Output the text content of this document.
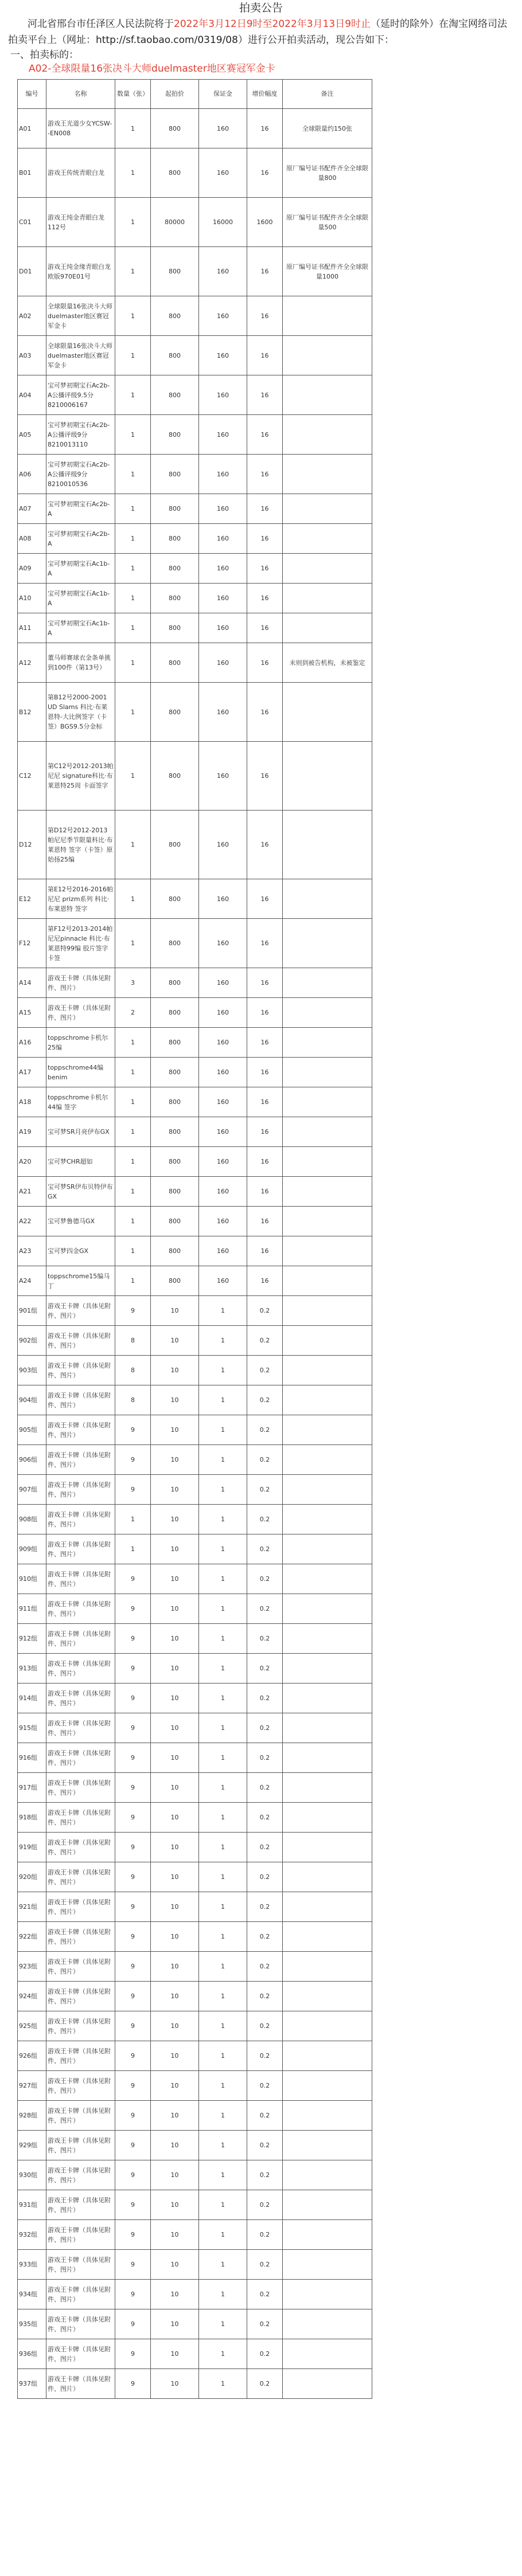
拍卖公告
河北省邢台市任泽区人民法院将于2022年3月12日9时至2022年3月13日9时止（延时的除外）在淘宝网络司法拍卖平台上（网址：http://sf.taobao.com/0319/08）进行公开拍卖活动，现公告如下：
一、拍卖标的：
A02-全球限量16张决斗大师duelmaster地区赛冠军金卡
编号	名称	数量（张）	起拍价	保证金	增价幅度	备注
A01	游戏王光道少女YCSW--EN008	1	800	160	16	全球限量约150张
B01	游戏王传统青眼白龙	1	800	160	16	原厂编号证书配件齐全全球限量800
C01	游戏王纯金青眼白龙112号	1	80000	16000	1600	原厂编号证书配件齐全全球限量500
D01	游戏王纯金缘青眼白龙欧版970E01号	1	800	160	16	原厂编号证书配件齐全全球限量1000
A02	全球限量16张决斗大师duelmaster地区赛冠军金卡	1	800	160	16	
A03	全球限量16张决斗大师duelmaster地区赛冠军金卡	1	800	160	16	
A04	宝可梦初期宝石Ac2b-A公播评级9.5分8210006167	1	800	160	16	
A05	宝可梦初期宝石Ac2b-A公播评级9分8210013110	1	800	160	16	
A06	宝可梦初期宝石Ac2b-A公播评级9分8210010536	1	800	160	16	
A07	宝可梦初期宝石Ac2b-A	1	800	160	16	
A08	宝可梦初期宝石Ac2b-A	1	800	160	16	
A09	宝可梦初期宝石Ac1b-A	1	800	160	16	
A10	宝可梦初期宝石Ac1b-A	1	800	160	16	
A11	宝可梦初期宝石Ac1b-A	1	800	160	16	
A12	董马师赛球衣金条单挑到100件（第13号）	1	800	160	16	未则到被告机构，未被鉴定
B12	第B12号2000-2001 UD Slams 科比·布莱恩特-大比例签字（卡签）BGS9.5分金标	1	800	160	16	
C12	第C12号2012-2013帕尼尼 signature科比·布莱恩特25周 卡面签字	1	800	160	16	
D12	第D12号2012-2013帕尼尼季节限量科比·布莱恩特 签字（卡签）原始扬25编	1	800	160	16	
E12	第E12号2016-2016帕尼尼 prizm系列 科比·布莱恩特 签字	1	800	160	16	
F12	第F12号2013-2014帕尼尼pinnacle 科比·布莱恩特99编 胶片签字 卡签	1	800	160	16	
A14	游戏王卡牌（具体见附件、图片）	3	800	160	16	
A15	游戏王卡牌（具体见附件、图片）	2	800	160	16	
A16	toppschrome卡机尔25编	1	800	160	16	
A17	toppschrome44编benim	1	800	160	16	
A18	toppschrome卡机尔44编 签字	1	800	160	16	
A19	宝可梦SR月亮伊布GX	1	800	160	16	
A20	宝可梦CHR超如	1	800	160	16	
A21	宝可梦SR伊布贝特伊布GX	1	800	160	16	
A22	宝可梦鲁德马GX	1	800	160	16	
A23	宝可梦四金GX	1	800	160	16	
A24	toppschrome15编马丁	1	800	160	16	
901组	游戏王卡牌（具体见附件、图片）	9	10	1	0.2	
902组	游戏王卡牌（具体见附件、图片）	8	10	1	0.2	
903组	游戏王卡牌（具体见附件、图片）	8	10	1	0.2	
904组	游戏王卡牌（具体见附件、图片）	8	10	1	0.2	
905组	游戏王卡牌（具体见附件、图片）	9	10	1	0.2	
906组	游戏王卡牌（具体见附件、图片）	9	10	1	0.2	
907组	游戏王卡牌（具体见附件、图片）	9	10	1	0.2	
908组	游戏王卡牌（具体见附件、图片）	1	10	1	0.2	
909组	游戏王卡牌（具体见附件、图片）	1	10	1	0.2	
910组	游戏王卡牌（具体见附件、图片）	9	10	1	0.2	
911组	游戏王卡牌（具体见附件、图片）	9	10	1	0.2	
912组	游戏王卡牌（具体见附件、图片）	9	10	1	0.2	
913组	游戏王卡牌（具体见附件、图片）	9	10	1	0.2	
914组	游戏王卡牌（具体见附件、图片）	9	10	1	0.2	
915组	游戏王卡牌（具体见附件、图片）	9	10	1	0.2	
916组	游戏王卡牌（具体见附件、图片）	9	10	1	0.2	
917组	游戏王卡牌（具体见附件、图片）	9	10	1	0.2	
918组	游戏王卡牌（具体见附件、图片）	9	10	1	0.2	
919组	游戏王卡牌（具体见附件、图片）	9	10	1	0.2	
920组	游戏王卡牌（具体见附件、图片）	9	10	1	0.2	
921组	游戏王卡牌（具体见附件、图片）	9	10	1	0.2	
922组	游戏王卡牌（具体见附件、图片）	9	10	1	0.2	
923组	游戏王卡牌（具体见附件、图片）	9	10	1	0.2	
924组	游戏王卡牌（具体见附件、图片）	9	10	1	0.2	
925组	游戏王卡牌（具体见附件、图片）	9	10	1	0.2	
926组	游戏王卡牌（具体见附件、图片）	9	10	1	0.2	
927组	游戏王卡牌（具体见附件、图片）	9	10	1	0.2	
928组	游戏王卡牌（具体见附件、图片）	9	10	1	0.2	
929组	游戏王卡牌（具体见附件、图片）	9	10	1	0.2	
930组	游戏王卡牌（具体见附件、图片）	9	10	1	0.2	
931组	游戏王卡牌（具体见附件、图片）	9	10	1	0.2	
932组	游戏王卡牌（具体见附件、图片）	9	10	1	0.2	
933组	游戏王卡牌（具体见附件、图片）	9	10	1	0.2	
934组	游戏王卡牌（具体见附件、图片）	9	10	1	0.2	
935组	游戏王卡牌（具体见附件、图片）	9	10	1	0.2	
936组	游戏王卡牌（具体见附件、图片）	9	10	1	0.2	
937组	游戏王卡牌（具体见附件、图片）	9	10	1	0.2	
